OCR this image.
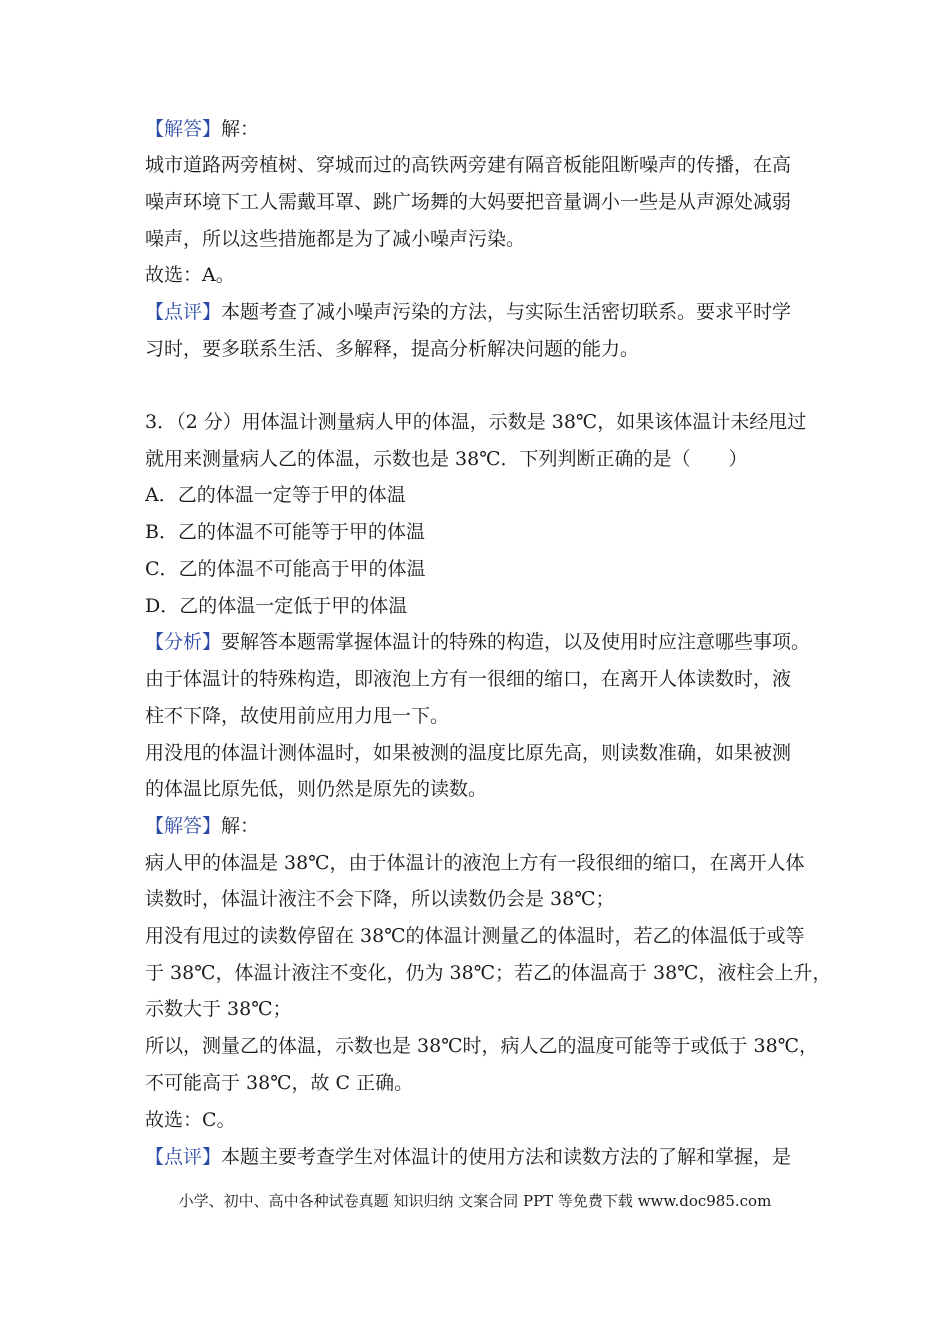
【解答】解：
城市道路两旁植树、穿城而过的高铁两旁建有隔音板能阻断噪声的传播，在高
噪声环境下工人需戴耳罩、跳广场舞的大妈要把音量调小一些是从声源处减弱
噪声，所以这些措施都是为了减小噪声污染。
故选：A。
【点评】本题考查了减小噪声污染的方法，与实际生活密切联系。要求平时学
习时，要多联系生活、多解释，提高分析解决问题的能力。
3．（2 分）用体温计测量病人甲的体温，示数是 38℃，如果该体温计未经甩过
就用来测量病人乙的体温，示数也是 38℃．下列判断正确的是（　　）
A．乙的体温一定等于甲的体温
B．乙的体温不可能等于甲的体温
C．乙的体温不可能高于甲的体温
D．乙的体温一定低于甲的体温
【分析】要解答本题需掌握体温计的特殊的构造，以及使用时应注意哪些事项。
由于体温计的特殊构造，即液泡上方有一很细的缩口，在离开人体读数时，液
柱不下降，故使用前应用力甩一下。
用没甩的体温计测体温时，如果被测的温度比原先高，则读数准确，如果被测
的体温比原先低，则仍然是原先的读数。
【解答】解：
病人甲的体温是 38℃，由于体温计的液泡上方有一段很细的缩口，在离开人体
读数时，体温计液注不会下降，所以读数仍会是 38℃；
用没有甩过的读数停留在 38℃的体温计测量乙的体温时，若乙的体温低于或等
于 38℃，体温计液注不变化，仍为 38℃；若乙的体温高于 38℃，液柱会上升，
示数大于 38℃；
所以，测量乙的体温，示数也是 38℃时，病人乙的温度可能等于或低于 38℃，
不可能高于 38℃，故 C 正确。
故选：C。
【点评】本题主要考查学生对体温计的使用方法和读数方法的了解和掌握，是
小学、初中、高中各种试卷真题 知识归纳 文案合同 PPT 等免费下载 www.doc985.com
